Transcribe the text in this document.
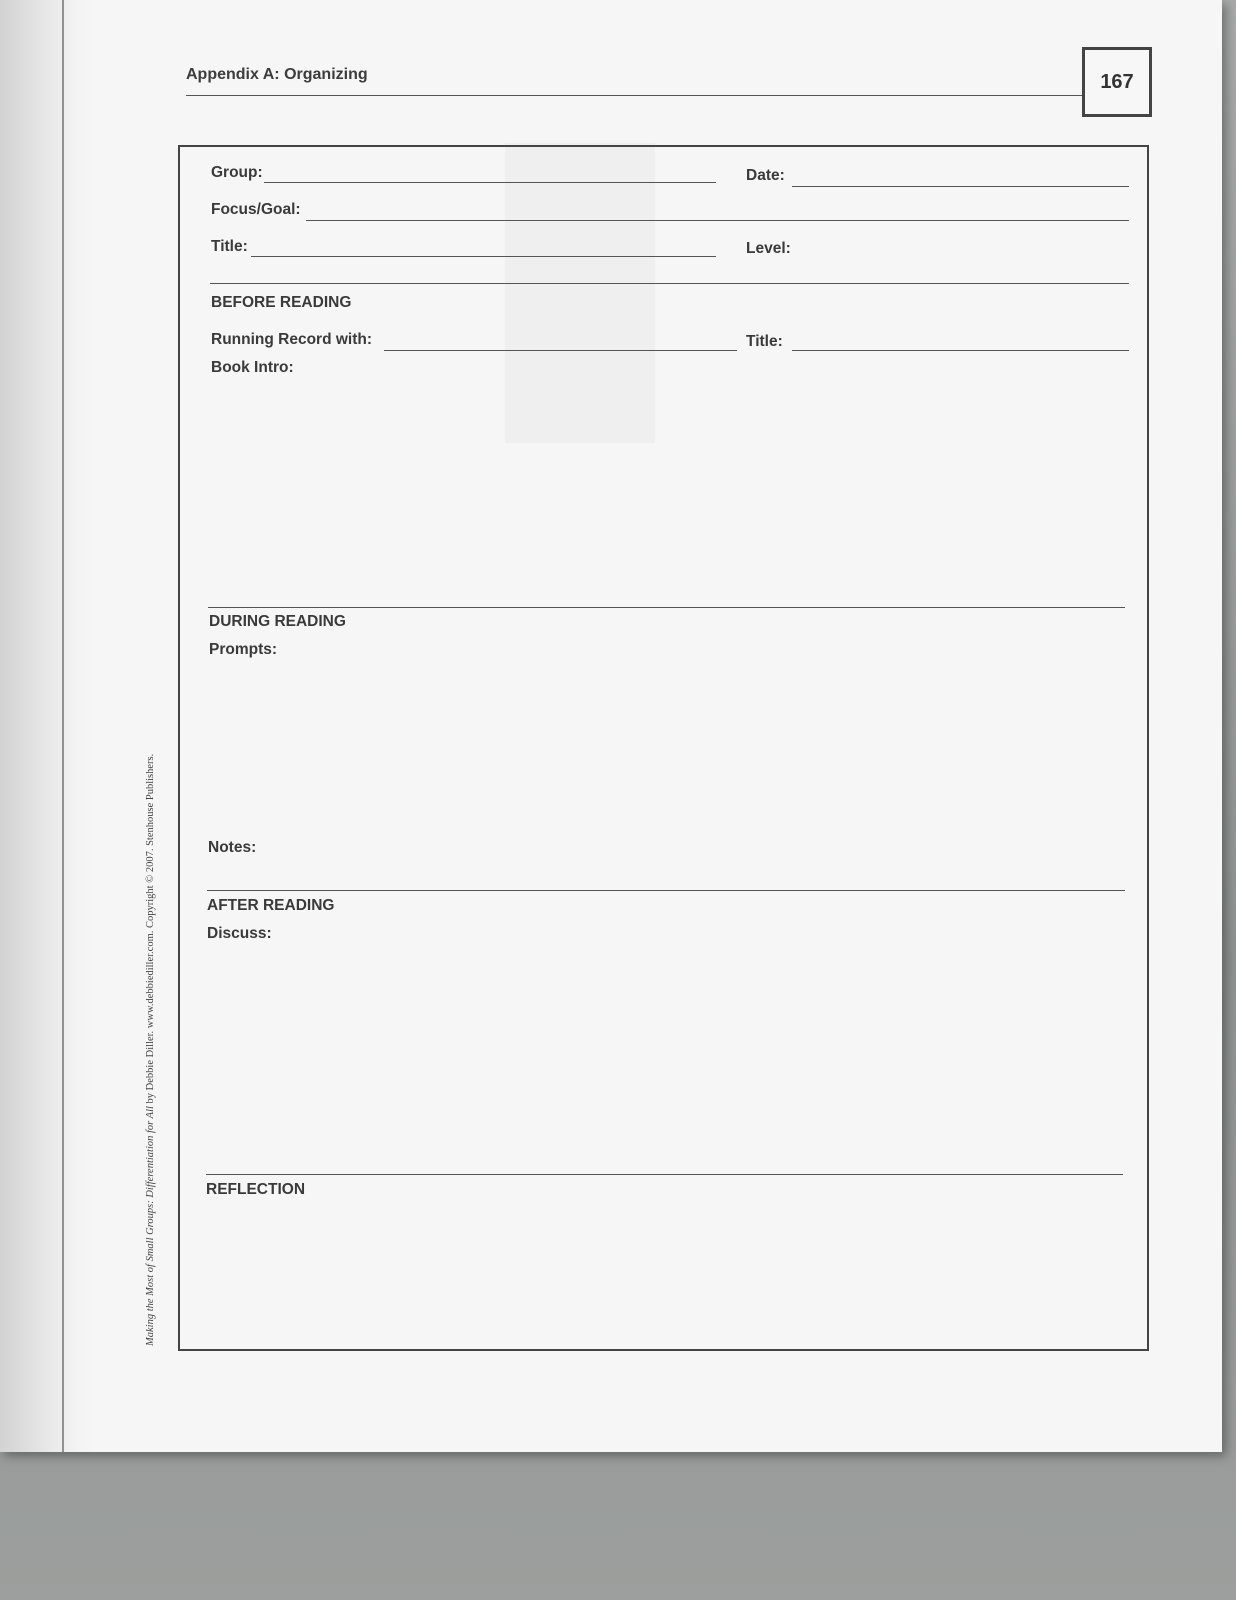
Appendix A: Organizing	167
Making the Most of Small Groups: Differentiation for All by Debbie Diller. www.debbiediller.com. Copyright © 2007. Stenhouse Publishers.
Group:	Date:
Focus/Goal:
Title:	Level:
BEFORE READING
Running Record with:	Title:
Book Intro:
DURING READING
Prompts:
Notes:
AFTER READING
Discuss:
REFLECTION
